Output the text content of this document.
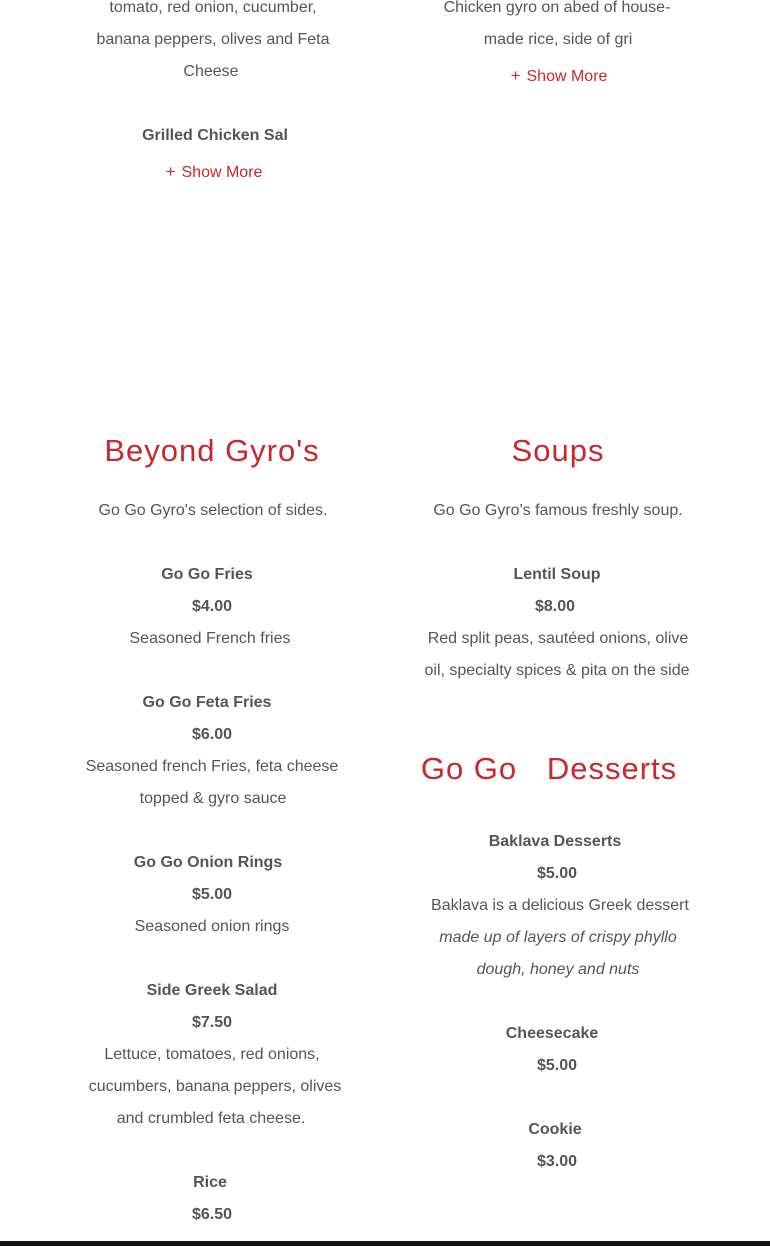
tomato, red onion, cucumber,
banana peppers, olives and Feta
Cheese
Grilled Chicken Sal
+ Show More
Chicken gyro on abed of house-
made rice, side of gri
+ Show More
Beyond Gyro's
Go Go Gyro's selection of sides.
Go Go Fries
$4.00
Seasoned French fries
Go Go Feta Fries
$6.00
Seasoned french Fries, feta cheese
topped & gyro sauce
Go Go Onion Rings
$5.00
Seasoned onion rings
Side Greek Salad
$7.50
Lettuce, tomatoes, red onions,
cucumbers, banana peppers, olives
and crumbled feta cheese.
Rice
$6.50
Soups
Go Go Gyro's famous freshly soup.
Lentil Soup
$8.00
Red split peas, sautéed onions, olive
oil, specialty spices & pita on the side
Go Go Desserts
Baklava Desserts
$5.00
Baklava is a delicious Greek dessert
made up of layers of crispy phyllo
dough, honey and nuts
Cheesecake
$5.00
Cookie
$3.00
